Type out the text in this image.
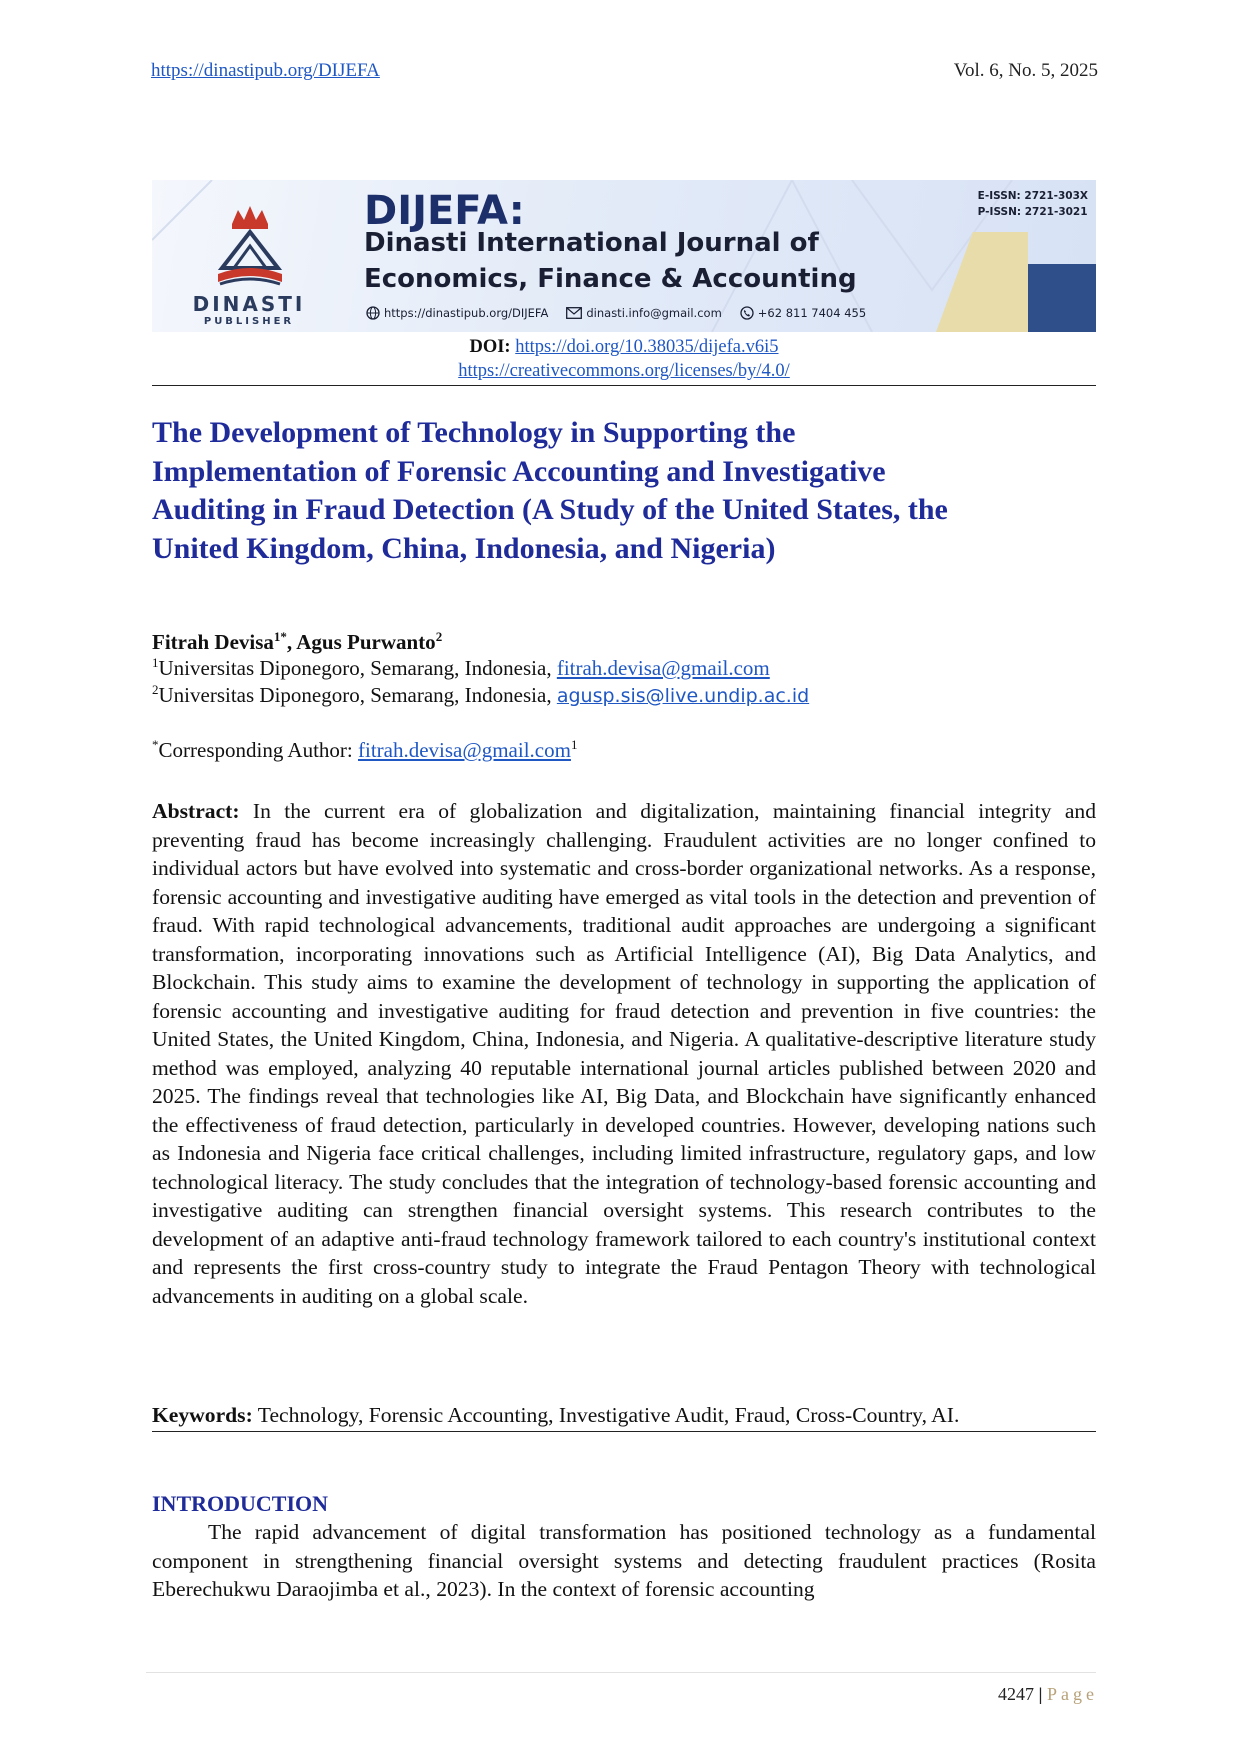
https://dinastipub.org/DIJEFA	Vol. 6, No. 5, 2025
DINASTI
PUBLISHER
DIJEFA:
Dinasti International Journal of
Economics, Finance & Accounting
https://dinastipub.org/DIJEFA	dinasti.info@gmail.com	+62 811 7404 455
E-ISSN: 2721-303X
P-ISSN: 2721-3021
DOI: https://doi.org/10.38035/dijefa.v6i5
https://creativecommons.org/licenses/by/4.0/
The Development of Technology in Supporting the
Implementation of Forensic Accounting and Investigative
Auditing in Fraud Detection (A Study of the United States, the
United Kingdom, China, Indonesia, and Nigeria)
Fitrah Devisa$^{1*}$, Agus Purwanto$^2$
$^1$Universitas Diponegoro, Semarang, Indonesia, fitrah.devisa@gmail.com
$^2$Universitas Diponegoro, Semarang, Indonesia, agusp.sis@live.undip.ac.id
*Corresponding Author: fitrah.devisa@gmail.com$^1$

Abstract: In the current era of globalization and digitalization, maintaining financial integrity and preventing fraud has become increasingly challenging. Fraudulent activities are no longer confined to individual actors but have evolved into systematic and cross-border organizational networks. As a response, forensic accounting and investigative auditing have emerged as vital tools in the detection and prevention of fraud. With rapid technological advancements, traditional audit approaches are undergoing a significant transformation, incorporating innovations such as Artificial Intelligence (AI), Big Data Analytics, and Blockchain. This study aims to examine the development of technology in supporting the application of forensic accounting and investigative auditing for fraud detection and prevention in five countries: the United States, the United Kingdom, China, Indonesia, and Nigeria. A qualitative-descriptive literature study method was employed, analyzing 40 reputable international journal articles published between 2020 and 2025. The findings reveal that technologies like AI, Big Data, and Blockchain have significantly enhanced the effectiveness of fraud detection, particularly in developed countries. However, developing nations such as Indonesia and Nigeria face critical challenges, including limited infrastructure, regulatory gaps, and low technological literacy. The study concludes that the integration of technology-based forensic accounting and investigative auditing can strengthen financial oversight systems. This research contributes to the development of an adaptive anti-fraud technology framework tailored to each country's institutional context and represents the first cross-country study to integrate the Fraud Pentagon Theory with technological advancements in auditing on a global scale.

Keywords: Technology, Forensic Accounting, Investigative Audit, Fraud, Cross-Country, AI.
INTRODUCTION

The rapid advancement of digital transformation has positioned technology as a fundamental component in strengthening financial oversight systems and detecting fraudulent practices (Rosita Eberechukwu Daraojimba et al., 2023). In the context of forensic accounting

4247 | Page
